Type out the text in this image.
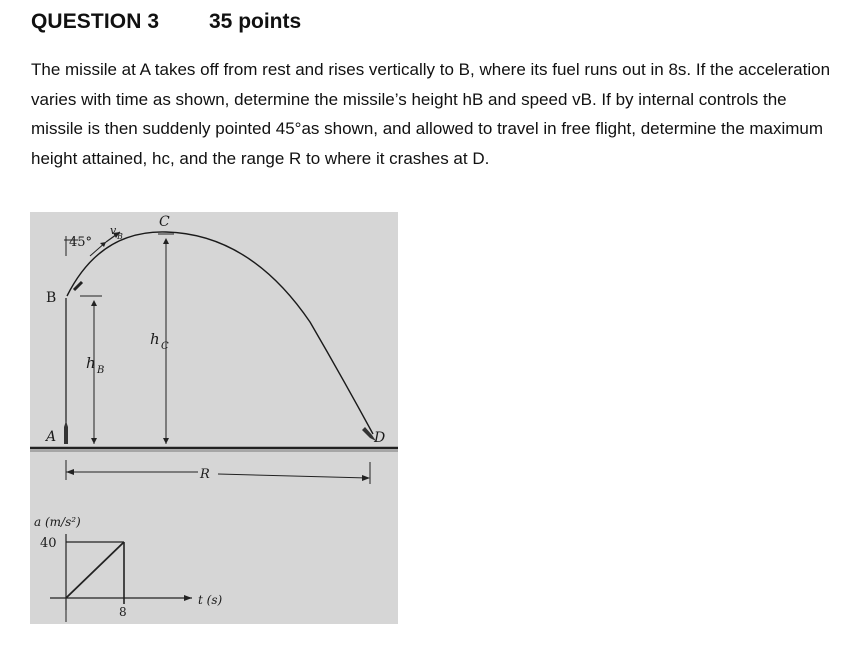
QUESTION 3 35 points

The missile at A takes off from rest and rises vertically to B, where its fuel runs out in 8s. If the acceleration varies with time as shown, determine the missile’s height hB and speed vB. If by internal controls the missile is then suddenly pointed 45°as shown, and allowed to travel in free flight, determine the maximum height attained, hc, and the range R to where it crashes at D.

45°
v B
C
B
h C
h B
A	D
R
a (m/s²)
40
8
t (s)
